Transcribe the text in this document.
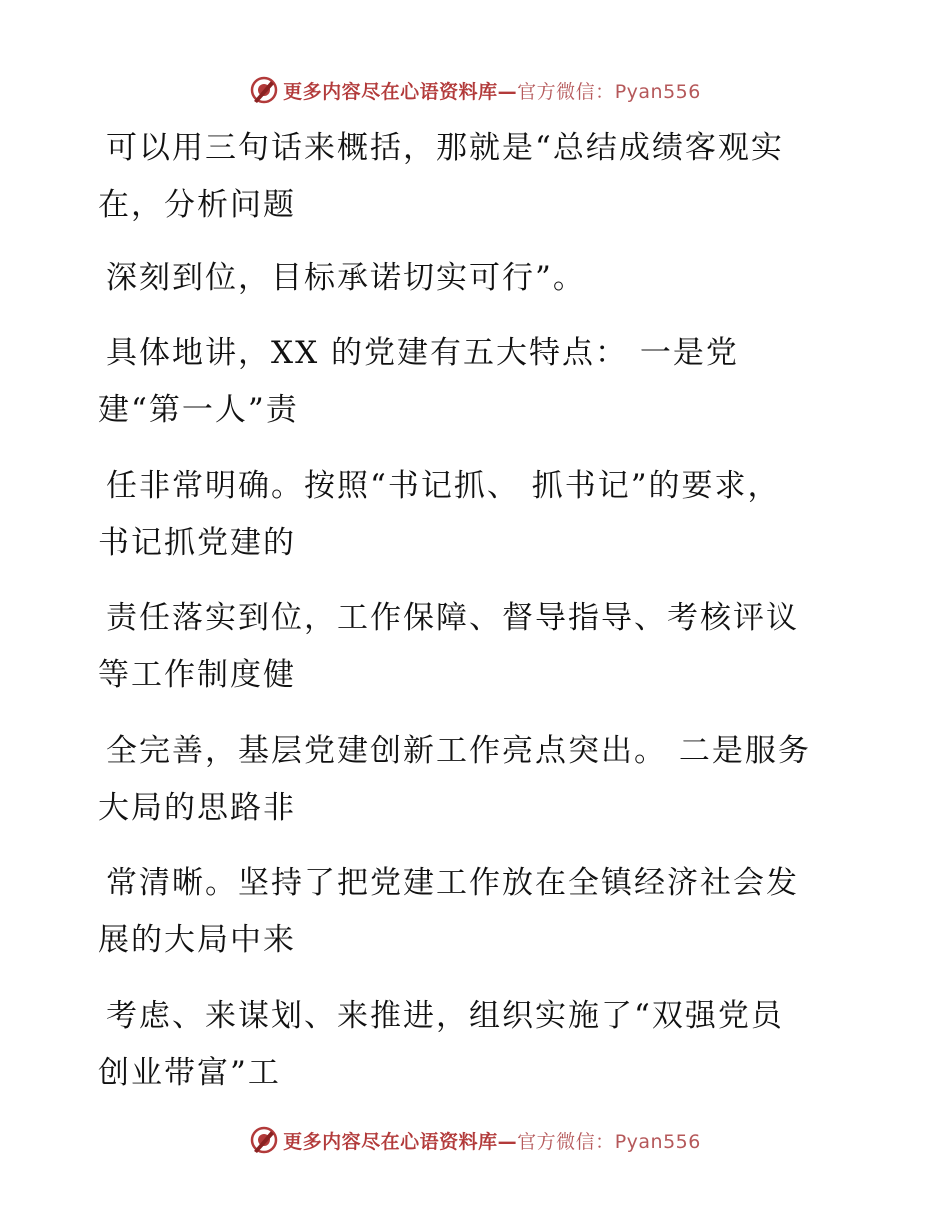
更多内容尽在心语资料库—官方微信：Pyan556
可以用三句话来概括，那就是“总结成绩客观实
在，分析问题
深刻到位，目标承诺切实可行”。
具体地讲，XX 的党建有五大特点： 一是党
建“第一人”责
任非常明确。按照“书记抓、 抓书记”的要求，
书记抓党建的
责任落实到位，工作保障、督导指导、考核评议
等工作制度健
全完善，基层党建创新工作亮点突出。 二是服务
大局的思路非
常清晰。坚持了把党建工作放在全镇经济社会发
展的大局中来
考虑、来谋划、来推进，组织实施了“双强党员
创业带富”工
更多内容尽在心语资料库—官方微信：Pyan556
